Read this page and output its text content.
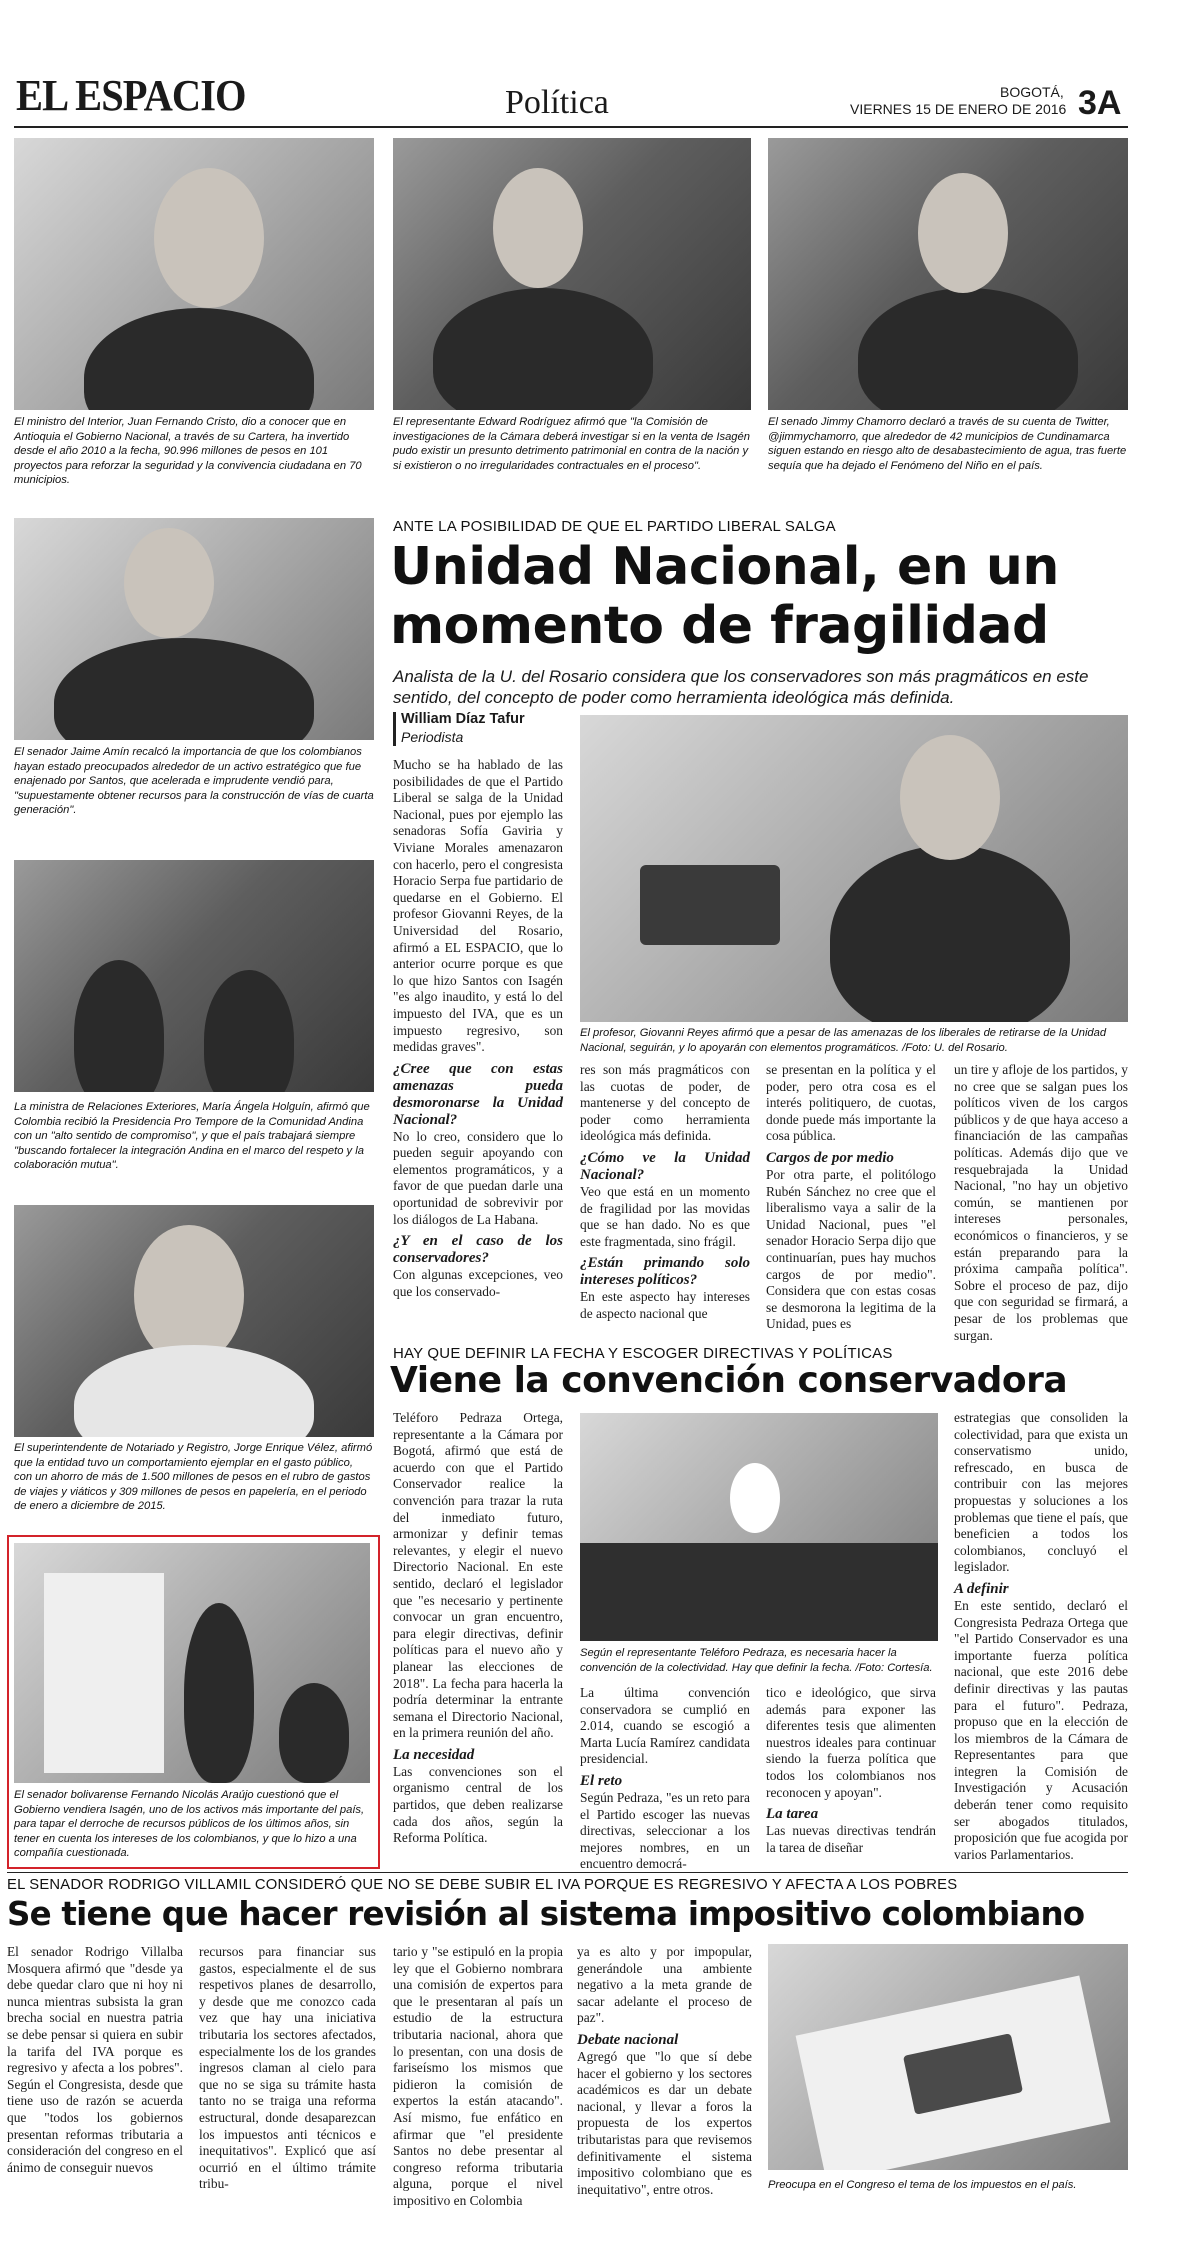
EL ESPACIO	Política	BOGOTÁ,
VIERNES 15 DE ENERO DE 2016 3A
El ministro del Interior, Juan Fernando Cristo, dio a conocer que en Antioquia el Gobierno Nacional, a través de su Cartera, ha invertido desde el año 2010 a la fecha, 90.996 millones de pesos en 101 proyectos para reforzar la seguridad y la convivencia ciudadana en 70 municipios.
El representante Edward Rodríguez afirmó que "la Comisión de investigaciones de la Cámara deberá investigar si en la venta de Isagén pudo existir un presunto detrimento patrimonial en contra de la nación y si existieron o no irregularidades contractuales en el proceso".
El senado Jimmy Chamorro declaró a través de su cuenta de Twitter, @jimmychamorro, que alrededor de 42 municipios de Cundinamarca siguen estando en riesgo alto de desabastecimiento de agua, tras fuerte sequía que ha dejado el Fenómeno del Niño en el país.
El senador Jaime Amín recalcó la importancia de que los colombianos hayan estado preocupados alrededor de un activo estratégico que fue enajenado por Santos, que acelerada e imprudente vendió para, "supuestamente obtener recursos para la construcción de vías de cuarta generación".
La ministra de Relaciones Exteriores, María Ángela Holguín, afirmó que Colombia recibió la Presidencia Pro Tempore de la Comunidad Andina con un "alto sentido de compromiso", y que el país trabajará siempre "buscando fortalecer la integración Andina en el marco del respeto y la colaboración mutua".
El superintendente de Notariado y Registro, Jorge Enrique Vélez, afirmó que la entidad tuvo un comportamiento ejemplar en el gasto público, con un ahorro de más de 1.500 millones de pesos en el rubro de gastos de viajes y viáticos y 309 millones de pesos en papelería, en el periodo de enero a diciembre de 2015.
El senador bolivarense Fernando Nicolás Araújo cuestionó que el Gobierno vendiera Isagén, uno de los activos más importante del país, para tapar el derroche de recursos públicos de los últimos años, sin tener en cuenta los intereses de los colombianos, y que lo hizo a una compañía cuestionada.
ANTE LA POSIBILIDAD DE QUE EL PARTIDO LIBERAL SALGA
Unidad Nacional, en un
momento de fragilidad
Analista de la U. del Rosario considera que los conservadores son más pragmáticos en este sentido, del concepto de poder como herramienta ideológica más definida.
William Díaz Tafur
Periodista
El profesor, Giovanni Reyes afirmó que a pesar de las amenazas de los liberales de retirarse de la Unidad Nacional, seguirán, y lo apoyarán con elementos programáticos. /Foto: U. del Rosario.

Mucho se ha hablado de las posibilidades de que el Partido Liberal se salga de la Unidad Nacional, pues por ejemplo las senadoras Sofía Gaviria y Viviane Morales amenazaron con hacerlo, pero el congresista Horacio Serpa fue partidario de quedarse en el Gobierno. El profesor Giovanni Reyes, de la Universidad del Rosario, afirmó a EL ESPACIO, que lo anterior ocurre porque es que lo que hizo Santos con Isagén "es algo inaudito, y está lo del impuesto del IVA, que es un impuesto regresivo, son medidas graves".

¿Cree que con estas amenazas pueda desmoronarse la Unidad Nacional?

No lo creo, considero que lo pueden seguir apoyando con elementos programáticos, y a favor de que puedan darle una oportunidad de sobrevivir por los diálogos de La Habana.

¿Y en el caso de los conservadores?

Con algunas excepciones, veo que los conservado-

res son más pragmáticos con las cuotas de poder, de mantenerse y del concepto de poder como herramienta ideológica más definida.

¿Cómo ve la Unidad Nacional?

Veo que está en un momento de fragilidad por las movidas que se han dado. No es que este fragmentada, sino frágil.

¿Están primando solo intereses políticos?

En este aspecto hay intereses de aspecto nacional que

se presentan en la política y el poder, pero otra cosa es el interés politiquero, de cuotas, donde puede más importante la cosa pública.

Cargos de por medio

Por otra parte, el politólogo Rubén Sánchez no cree que el liberalismo vaya a salir de la Unidad Nacional, pues "el senador Horacio Serpa dijo que continuarían, pues hay muchos cargos de por medio". Considera que con estas cosas se desmorona la legitima de la Unidad, pues es

un tire y afloje de los partidos, y no cree que se salgan pues los políticos viven de los cargos públicos y de que haya acceso a financiación de las campañas políticas. Además dijo que ve resquebrajada la Unidad Nacional, "no hay un objetivo común, se mantienen por intereses personales, económicos o financieros, y se están preparando para la próxima campaña política". Sobre el proceso de paz, dijo que con seguridad se firmará, a pesar de los problemas que surgan.

HAY QUE DEFINIR LA FECHA Y ESCOGER DIRECTIVAS Y POLÍTICAS
Viene la convención conservadora

Teléforo Pedraza Ortega, representante a la Cámara por Bogotá, afirmó que está de acuerdo con que el Partido Conservador realice la convención para trazar la ruta del inmediato futuro, armonizar y definir temas relevantes, y elegir el nuevo Directorio Nacional. En este sentido, declaró el legislador que "es necesario y pertinente convocar un gran encuentro, para elegir directivas, definir políticas para el nuevo año y planear las elecciones de 2018". La fecha para hacerla la podría determinar la entrante semana el Directorio Nacional, en la primera reunión del año.

La necesidad

Las convenciones son el organismo central de los partidos, que deben realizarse cada dos años, según la Reforma Política.

Según el representante Teléforo Pedraza, es necesaria hacer la convención de la colectividad. Hay que definir la fecha. /Foto: Cortesía.

La última convención conservadora se cumplió en 2.014, cuando se escogió a Marta Lucía Ramírez candidata presidencial.

El reto

Según Pedraza, "es un reto para el Partido escoger las nuevas directivas, seleccionar a los mejores nombres, en un encuentro democrá-

tico e ideológico, que sirva además para exponer las diferentes tesis que alimenten nuestros ideales para continuar siendo la fuerza política que todos los colombianos nos reconocen y apoyan".

La tarea

Las nuevas directivas tendrán la tarea de diseñar

estrategias que consoliden la colectividad, para que exista un conservatismo unido, refrescado, en busca de contribuir con las mejores propuestas y soluciones a los problemas que tiene el país, que beneficien a todos los colombianos, concluyó el legislador.

A definir

En este sentido, declaró el Congresista Pedraza Ortega que "el Partido Conservador es una importante fuerza política nacional, que este 2016 debe definir directivas y las pautas para el futuro". Pedraza, propuso que en la elección de los miembros de la Cámara de Representantes para que integren la Comisión de Investigación y Acusación deberán tener como requisito ser abogados titulados, proposición que fue acogida por varios Parlamentarios.

EL SENADOR RODRIGO VILLAMIL CONSIDERÓ QUE NO SE DEBE SUBIR EL IVA PORQUE ES REGRESIVO Y AFECTA A LOS POBRES
Se tiene que hacer revisión al sistema impositivo colombiano

El senador Rodrigo Villalba Mosquera afirmó que "desde ya debe quedar claro que ni hoy ni nunca mientras subsista la gran brecha social en nuestra patria se debe pensar si quiera en subir la tarifa del IVA porque es regresivo y afecta a los pobres". Según el Congresista, desde que tiene uso de razón se acuerda que "todos los gobiernos presentan reformas tributaria a consideración del congreso en el ánimo de conseguir nuevos

recursos para financiar sus gastos, especialmente el de sus respetivos planes de desarrollo, y desde que me conozco cada vez que hay una iniciativa tributaria los sectores afectados, especialmente los de los grandes ingresos claman al cielo para que no se siga su trámite hasta tanto no se traiga una reforma estructural, donde desaparezcan los impuestos anti técnicos e inequitativos". Explicó que así ocurrió en el último trámite tribu-

tario y "se estipuló en la propia ley que el Gobierno nombrara una comisión de expertos para que le presentaran al país un estudio de la estructura tributaria nacional, ahora que lo presentan, con una dosis de fariseísmo los mismos que pidieron la comisión de expertos la están atacando". Así mismo, fue enfático en afirmar que "el presidente Santos no debe presentar al congreso reforma tributaria alguna, porque el nivel impositivo en Colombia

ya es alto y por impopular, generándole una ambiente negativo a la meta grande de sacar adelante el proceso de paz".

Debate nacional

Agregó que "lo que sí debe hacer el gobierno y los sectores académicos es dar un debate nacional, y llevar a foros la propuesta de los expertos tributaristas para que revisemos definitivamente el sistema impositivo colombiano que es inequitativo", entre otros.	Preocupa en el Congreso el tema de los impuestos en el país.
